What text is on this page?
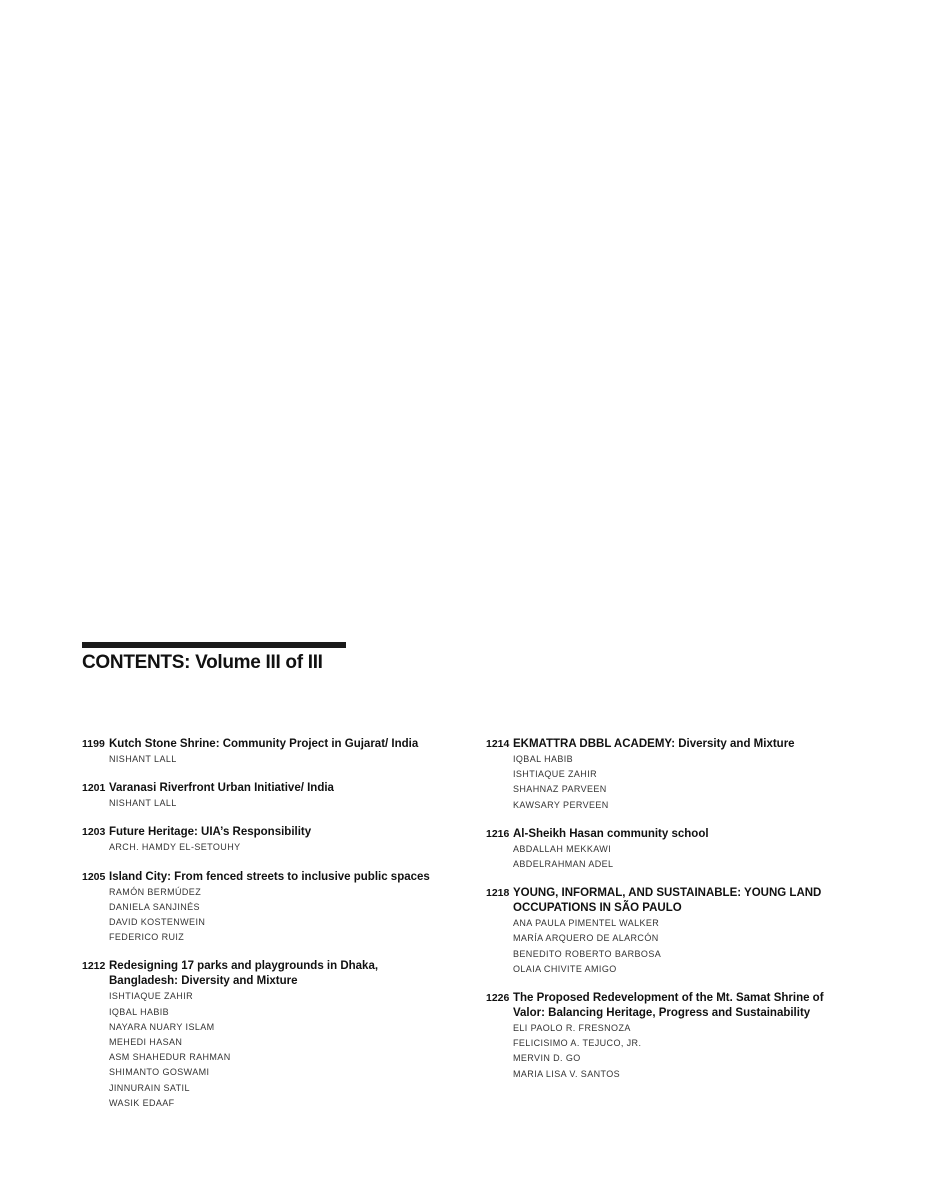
CONTENTS: Volume III of III
1199 Kutch Stone Shrine: Community Project in Gujarat/ India
NISHANT LALL
1201 Varanasi Riverfront Urban Initiative/ India
NISHANT LALL
1203 Future Heritage: UIA’s Responsibility
ARCH. HAMDY EL-SETOUHY
1205 Island City: From fenced streets to inclusive public spaces
RAMÓN BERMÚDEZ
DANIELA SANJINÉS
DAVID KOSTENWEIN
FEDERICO RUIZ
1212 Redesigning 17 parks and playgrounds in Dhaka, Bangladesh: Diversity and Mixture
ISHTIAQUE ZAHIR
IQBAL HABIB
NAYARA NUARY ISLAM
MEHEDI HASAN
ASM SHAHEDUR RAHMAN
SHIMANTO GOSWAMI
JINNURAIN SATIL
WASIK EDAAF
1214 EKMATTRA DBBL ACADEMY: Diversity and Mixture
IQBAL HABIB
ISHTIAQUE ZAHIR
SHAHNAZ PARVEEN
KAWSARY PERVEEN
1216 Al-Sheikh Hasan community school
ABDALLAH MEKKAWI
ABDELRAHMAN ADEL
1218 YOUNG, INFORMAL, AND SUSTAINABLE: YOUNG LAND OCCUPATIONS IN SÃO PAULO
ANA PAULA PIMENTEL WALKER
MARÍA ARQUERO DE ALARCÓN
BENEDITO ROBERTO BARBOSA
OLAIA CHIVITE AMIGO
1226 The Proposed Redevelopment of the Mt. Samat Shrine of Valor: Balancing Heritage, Progress and Sustainability
ELI PAOLO R. FRESNOZA
FELICISIMO A. TEJUCO, JR.
MERVIN D. GO
MARIA LISA V. SANTOS
